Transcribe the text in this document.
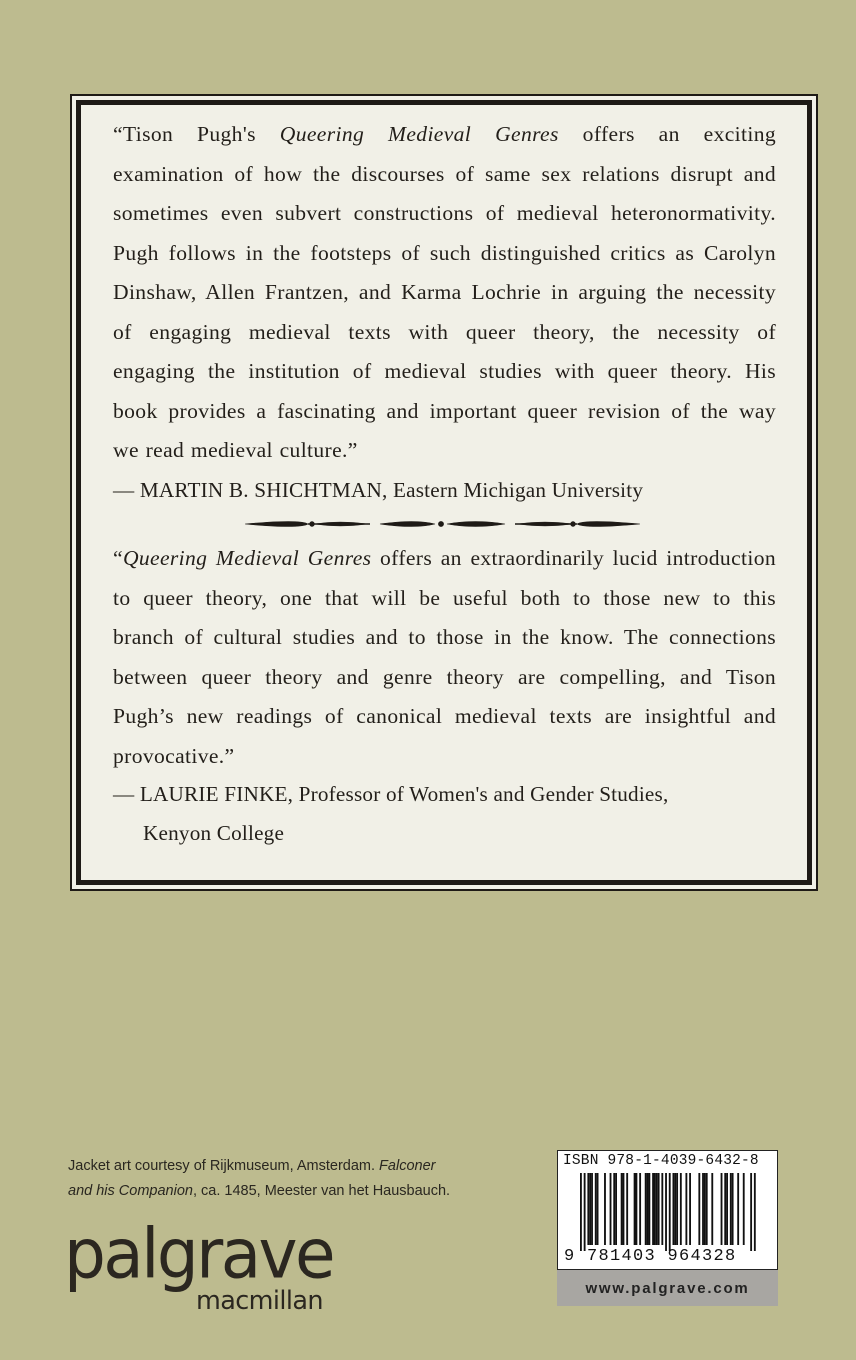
“Tison Pugh's Queering Medieval Genres offers an exciting
examination of how the discourses of same sex relations disrupt and
sometimes even subvert constructions of medieval heteronormativity.
Pugh follows in the footsteps of such distinguished critics as Carolyn
Dinshaw, Allen Frantzen, and Karma Lochrie in arguing the necessity
of engaging medieval texts with queer theory, the necessity of
engaging the institution of medieval studies with queer theory. His
book provides a fascinating and important queer revision of the way
we read medieval culture.”
— MARTIN B. SHICHTMAN, Eastern Michigan University
“Queering Medieval Genres offers an extraordinarily lucid introduction
to queer theory, one that will be useful both to those new to this
branch of cultural studies and to those in the know. The connections
between queer theory and genre theory are compelling, and Tison
Pugh’s new readings of canonical medieval texts are insightful and
provocative.”
— LAURIE FINKE, Professor of Women's and Gender Studies,
Kenyon College
Jacket art courtesy of Rijkmuseum, Amsterdam. Falconer
and his Companion, ca. 1485, Meester van het Hausbauch.
palgrave
macmillan
ISBN 978-1-4039-6432-8
9 781403 964328
www.palgrave.com
